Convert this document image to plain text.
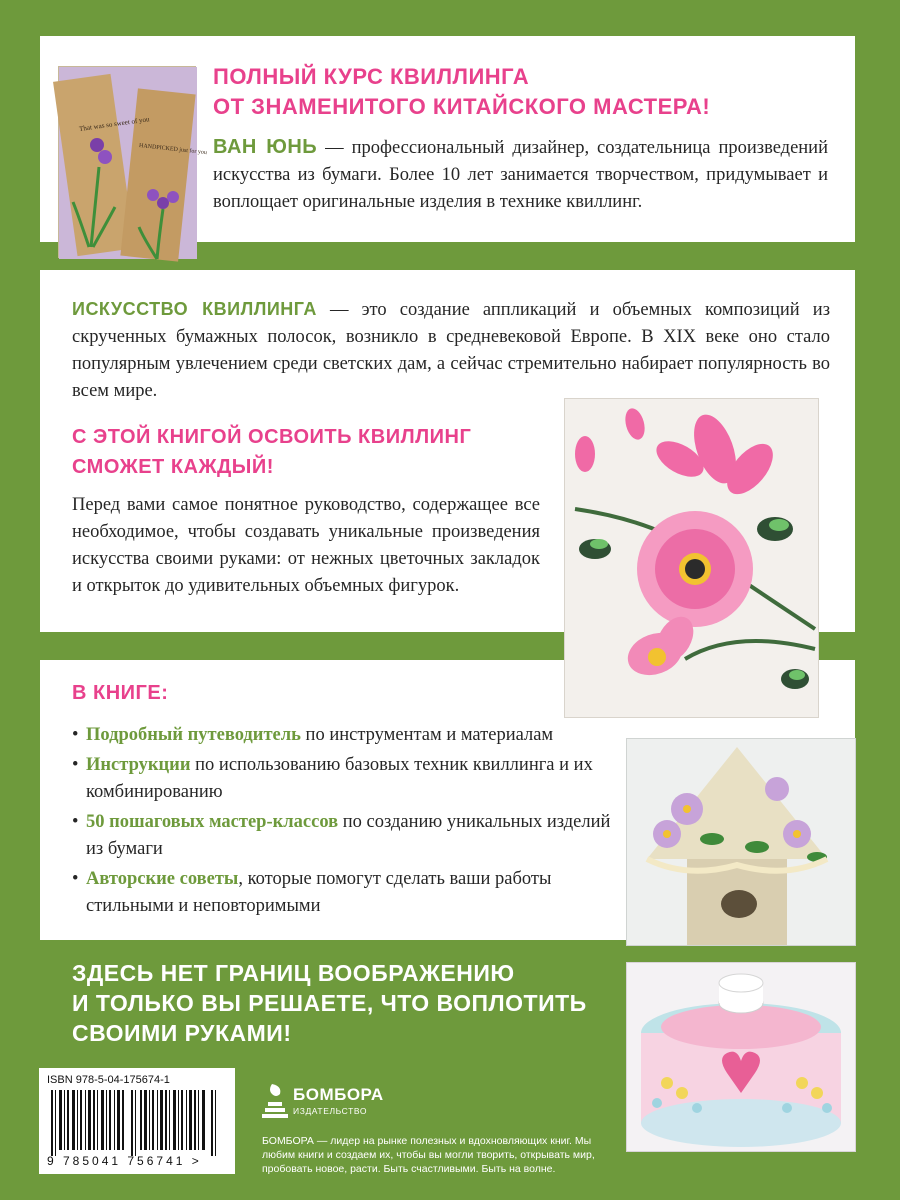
That was so sweet of you
HANDPICKED just for you
ПОЛНЫЙ КУРС КВИЛЛИНГА
ОТ ЗНАМЕНИТОГО КИТАЙСКОГО МАСТЕРА!
ВАН ЮНЬ — профессиональный дизайнер, создательница произведений искусства из бумаги. Более 10 лет занимается творчеством, придумывает и воплощает оригинальные изделия в технике квиллинг.
ИСКУССТВО КВИЛЛИНГА — это создание аппликаций и объемных композиций из скрученных бумажных полосок, возникло в средневековой Европе. В XIX веке оно стало популярным увлечением среди светских дам, а сейчас стремительно набирает популярность во всем мире.
С ЭТОЙ КНИГОЙ ОСВОИТЬ КВИЛЛИНГ
СМОЖЕТ КАЖДЫЙ!
Перед вами самое понятное руководство, содержащее все необходимое, чтобы создавать уникальные произведения искусства своими руками: от нежных цветочных закладок и открыток до удивительных объемных фигурок.
В КНИГЕ:
• Подробный путеводитель по инструментам и материалам
• Инструкции по использованию базовых техник квиллинга и их комбинированию
• 50 пошаговых мастер-классов по созданию уникальных изделий из бумаги
• Авторские советы, которые помогут сделать ваши работы стильными и неповторимыми
ЗДЕСЬ НЕТ ГРАНИЦ ВООБРАЖЕНИЮ
И ТОЛЬКО ВЫ РЕШАЕТЕ, ЧТО ВОПЛОТИТЬ
СВОИМИ РУКАМИ!
ISBN 978-5-04-175674-1
9 785041 756741 >
БОМБОРА
ИЗДАТЕЛЬСТВО
БОМБОРА — лидер на рынке полезных и вдохновляющих книг. Мы любим книги и создаем их, чтобы вы могли творить, открывать мир, пробовать новое, расти. Быть счастливыми. Быть на волне.
